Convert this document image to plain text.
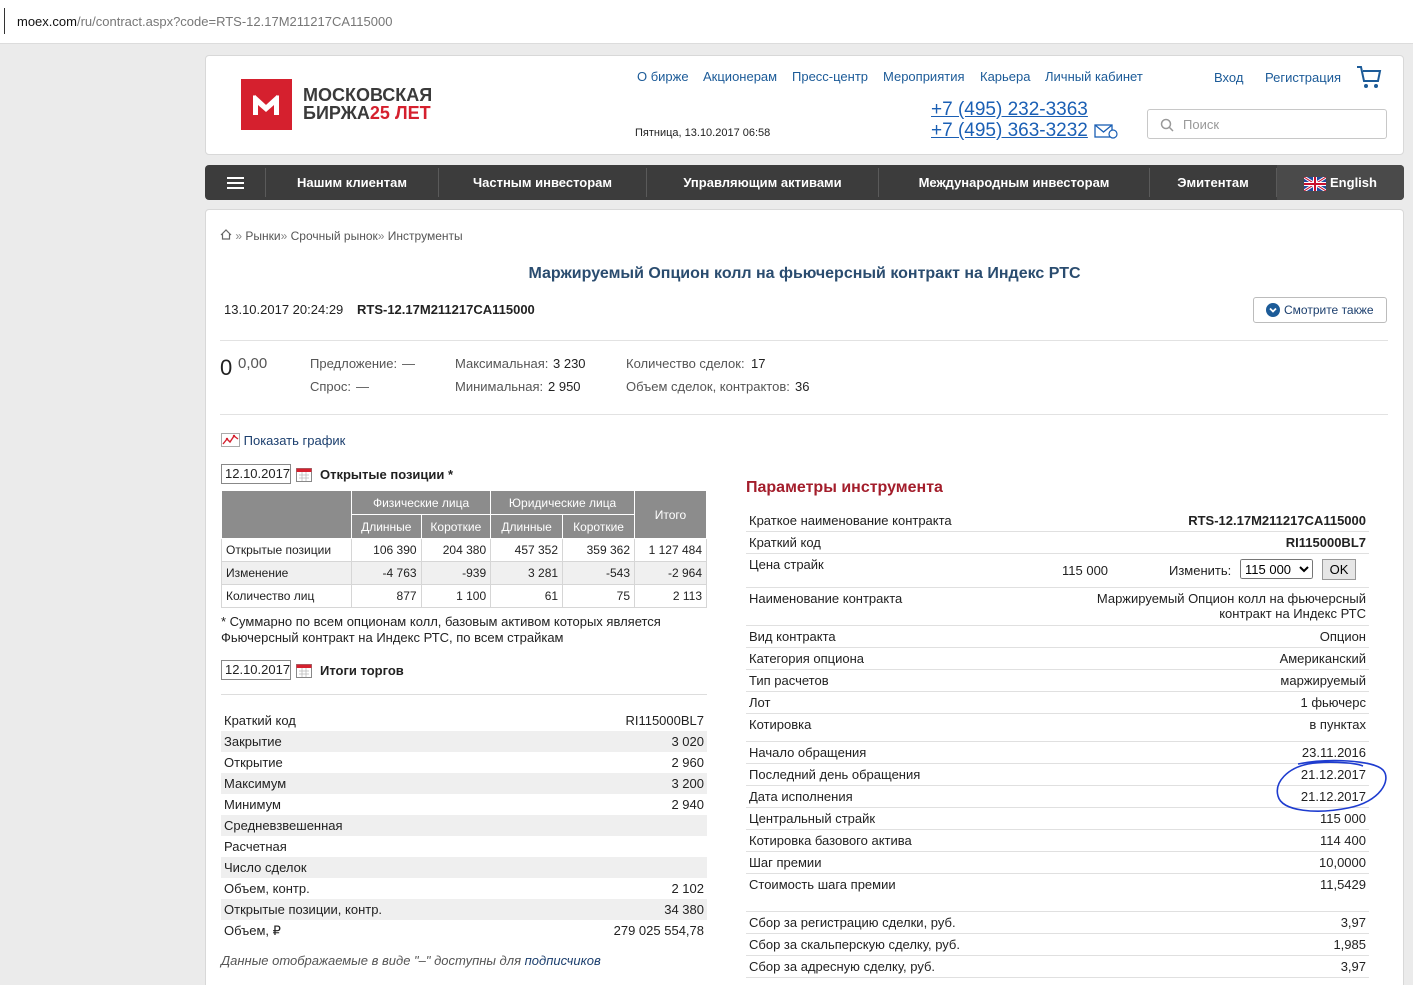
moex.com/ru/contract.aspx?code=RTS-12.17M211217CA115000
МОСКОВСКАЯ
БИРЖА25 ЛЕТ
О бирже Акционерам Пресс-центр Мероприятия Карьера Личный кабинет	Вход Регистрация
Пятница, 13.10.2017 06:58
+7 (495) 232-3363
+7 (495) 363-3232	Поиск
Нашим клиентам	Частным инвесторам	Управляющим активами	Международным инвесторам	Эмитентам	English
» Рынки» Срочный рынок» Инструменты
Маржируемый Опцион колл на фьючерсный контракт на Индекс РТС
13.10.2017 20:24:29 RTS-12.17M211217CA115000	Смотрите также
0 0,00	Предложение: —
Спрос: —
Максимальная: 3 230
Минимальная: 2 950
Количество сделок: 17
Объем сделок, контрактов: 36
Показать график
12.10.2017 Открытые позиции *
	Физические лица		Юридические лица		Итого
	Длинные	Короткие	Длинные	Короткие	
Открытые позиции	106 390	204 380	457 352	359 362	1 127 484
Изменение	-4 763	-939	3 281	-543	-2 964
Количество лиц	877	1 100	61	75	2 113
* Суммарно по всем опционам колл, базовым активом которых является
Фьючерсный контракт на Индекс РТС, по всем страйкам
12.10.2017 Итоги торгов
Краткий код	RI115000BL7
Закрытие	3 020
Открытие	2 960
Максимум	3 200
Минимум	2 940
Средневзвешенная
Расчетная
Число сделок
Объем, контр.	2 102
Открытые позиции, контр.	34 380
Объем, ₽	279 025 554,78
Данные отображаемые в виде "–" доступны для подписчиков
Параметры инструмента
Краткое наименование контракта	RTS-12.17M211217CA115000
Краткий код	RI115000BL7
Цена страйк	115 000	Изменить:
115 000	OK
Наименование контракта	Маржируемый Опцион колл на фьючерсный
контракт на Индекс РТС
Вид контракта	Опцион
Категория опциона	Американский
Тип расчетов	маржируемый
Лот	1 фьючерс
Котировка	в пунктах
Начало обращения	23.11.2016
Последний день обращения	21.12.2017
Дата исполнения	21.12.2017
Центральный страйк	115 000
Котировка базового актива	114 400
Шаг премии	10,0000
Стоимость шага премии	11,5429
Сбор за регистрацию сделки, руб.	3,97
Сбор за скальперскую сделку, руб.	1,985
Сбор за адресную сделку, руб.	3,97
